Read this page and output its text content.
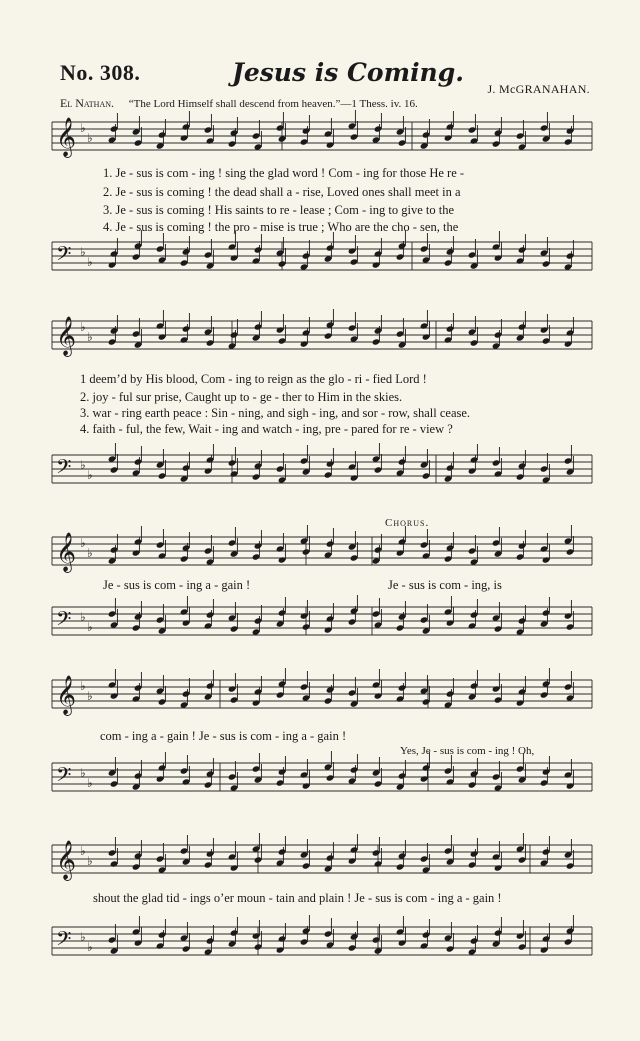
No. 308.	Jesus is Coming.
J. McGRANAHAN.
El Nathan. “The Lord Himself shall descend from heaven.”—1 Thess. iv. 16.
𝄞 ♭
♭
𝄢 ♭
♭
𝄞 ♭
♭
𝄢 ♭
♭
𝄞 ♭
♭
𝄢 ♭
♭
𝄞 ♭
♭
𝄢 ♭
♭
𝄞 ♭
♭
𝄢 ♭
♭
1. Je - sus is com - ing ! sing the glad word ! Com - ing for those He re -
2. Je - sus is coming ! the dead shall a - rise, Loved ones shall meet in a
3. Je - sus is coming ! His saints to re - lease ; Com - ing to give to the
4. Je - sus is coming ! the pro - mise is true ; Who are the cho - sen, the
1 deem’d by His blood, Com - ing to reign as the glo - ri - fied Lord !
2. joy - ful sur prise, Caught up to - ge - ther to Him in the skies.
3. war - ring earth peace : Sin - ning, and sigh - ing, and sor - row, shall cease.
4. faith - ful, the few, Wait - ing and watch - ing, pre - pared for re - view ?
Chorus.
Je - sus is com - ing a - gain !	Je - sus is com - ing, is
com - ing a - gain ! Je - sus is com - ing a - gain !
Yes, Je - sus is com - ing ! Oh,
shout the glad tid - ings o’er moun - tain and plain ! Je - sus is com - ing a - gain !
